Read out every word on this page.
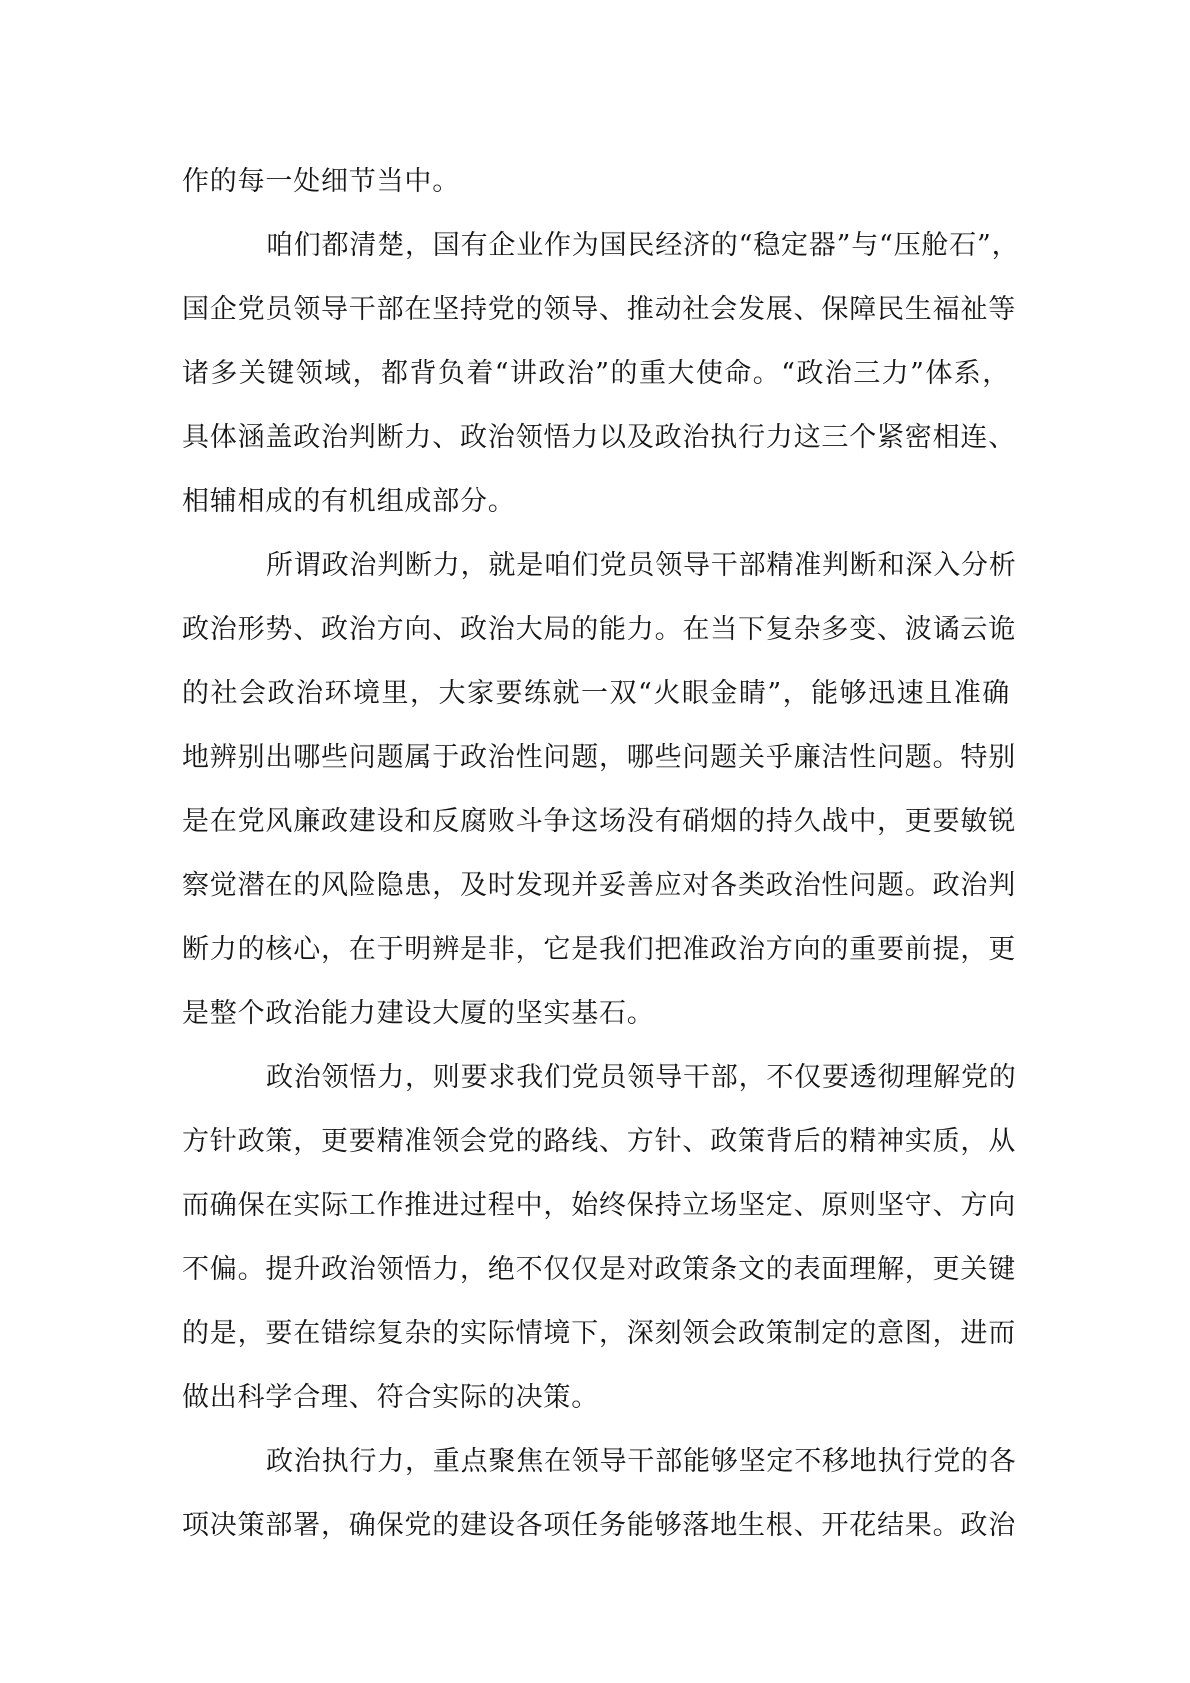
作的每一处细节当中。
咱们都清楚，国有企业作为国民经济的“稳定器”与“压舱石”，
国企党员领导干部在坚持党的领导、推动社会发展、保障民生福祉等
诸多关键领域，都背负着“讲政治”的重大使命。“政治三力”体系，
具体涵盖政治判断力、政治领悟力以及政治执行力这三个紧密相连、
相辅相成的有机组成部分。
所谓政治判断力，就是咱们党员领导干部精准判断和深入分析
政治形势、政治方向、政治大局的能力。在当下复杂多变、波谲云诡
的社会政治环境里，大家要练就一双“火眼金睛”，能够迅速且准确
地辨别出哪些问题属于政治性问题，哪些问题关乎廉洁性问题。特别
是在党风廉政建设和反腐败斗争这场没有硝烟的持久战中，更要敏锐
察觉潜在的风险隐患，及时发现并妥善应对各类政治性问题。政治判
断力的核心，在于明辨是非，它是我们把准政治方向的重要前提，更
是整个政治能力建设大厦的坚实基石。
政治领悟力，则要求我们党员领导干部，不仅要透彻理解党的
方针政策，更要精准领会党的路线、方针、政策背后的精神实质，从
而确保在实际工作推进过程中，始终保持立场坚定、原则坚守、方向
不偏。提升政治领悟力，绝不仅仅是对政策条文的表面理解，更关键
的是，要在错综复杂的实际情境下，深刻领会政策制定的意图，进而
做出科学合理、符合实际的决策。
政治执行力，重点聚焦在领导干部能够坚定不移地执行党的各
项决策部署，确保党的建设各项任务能够落地生根、开花结果。政治
